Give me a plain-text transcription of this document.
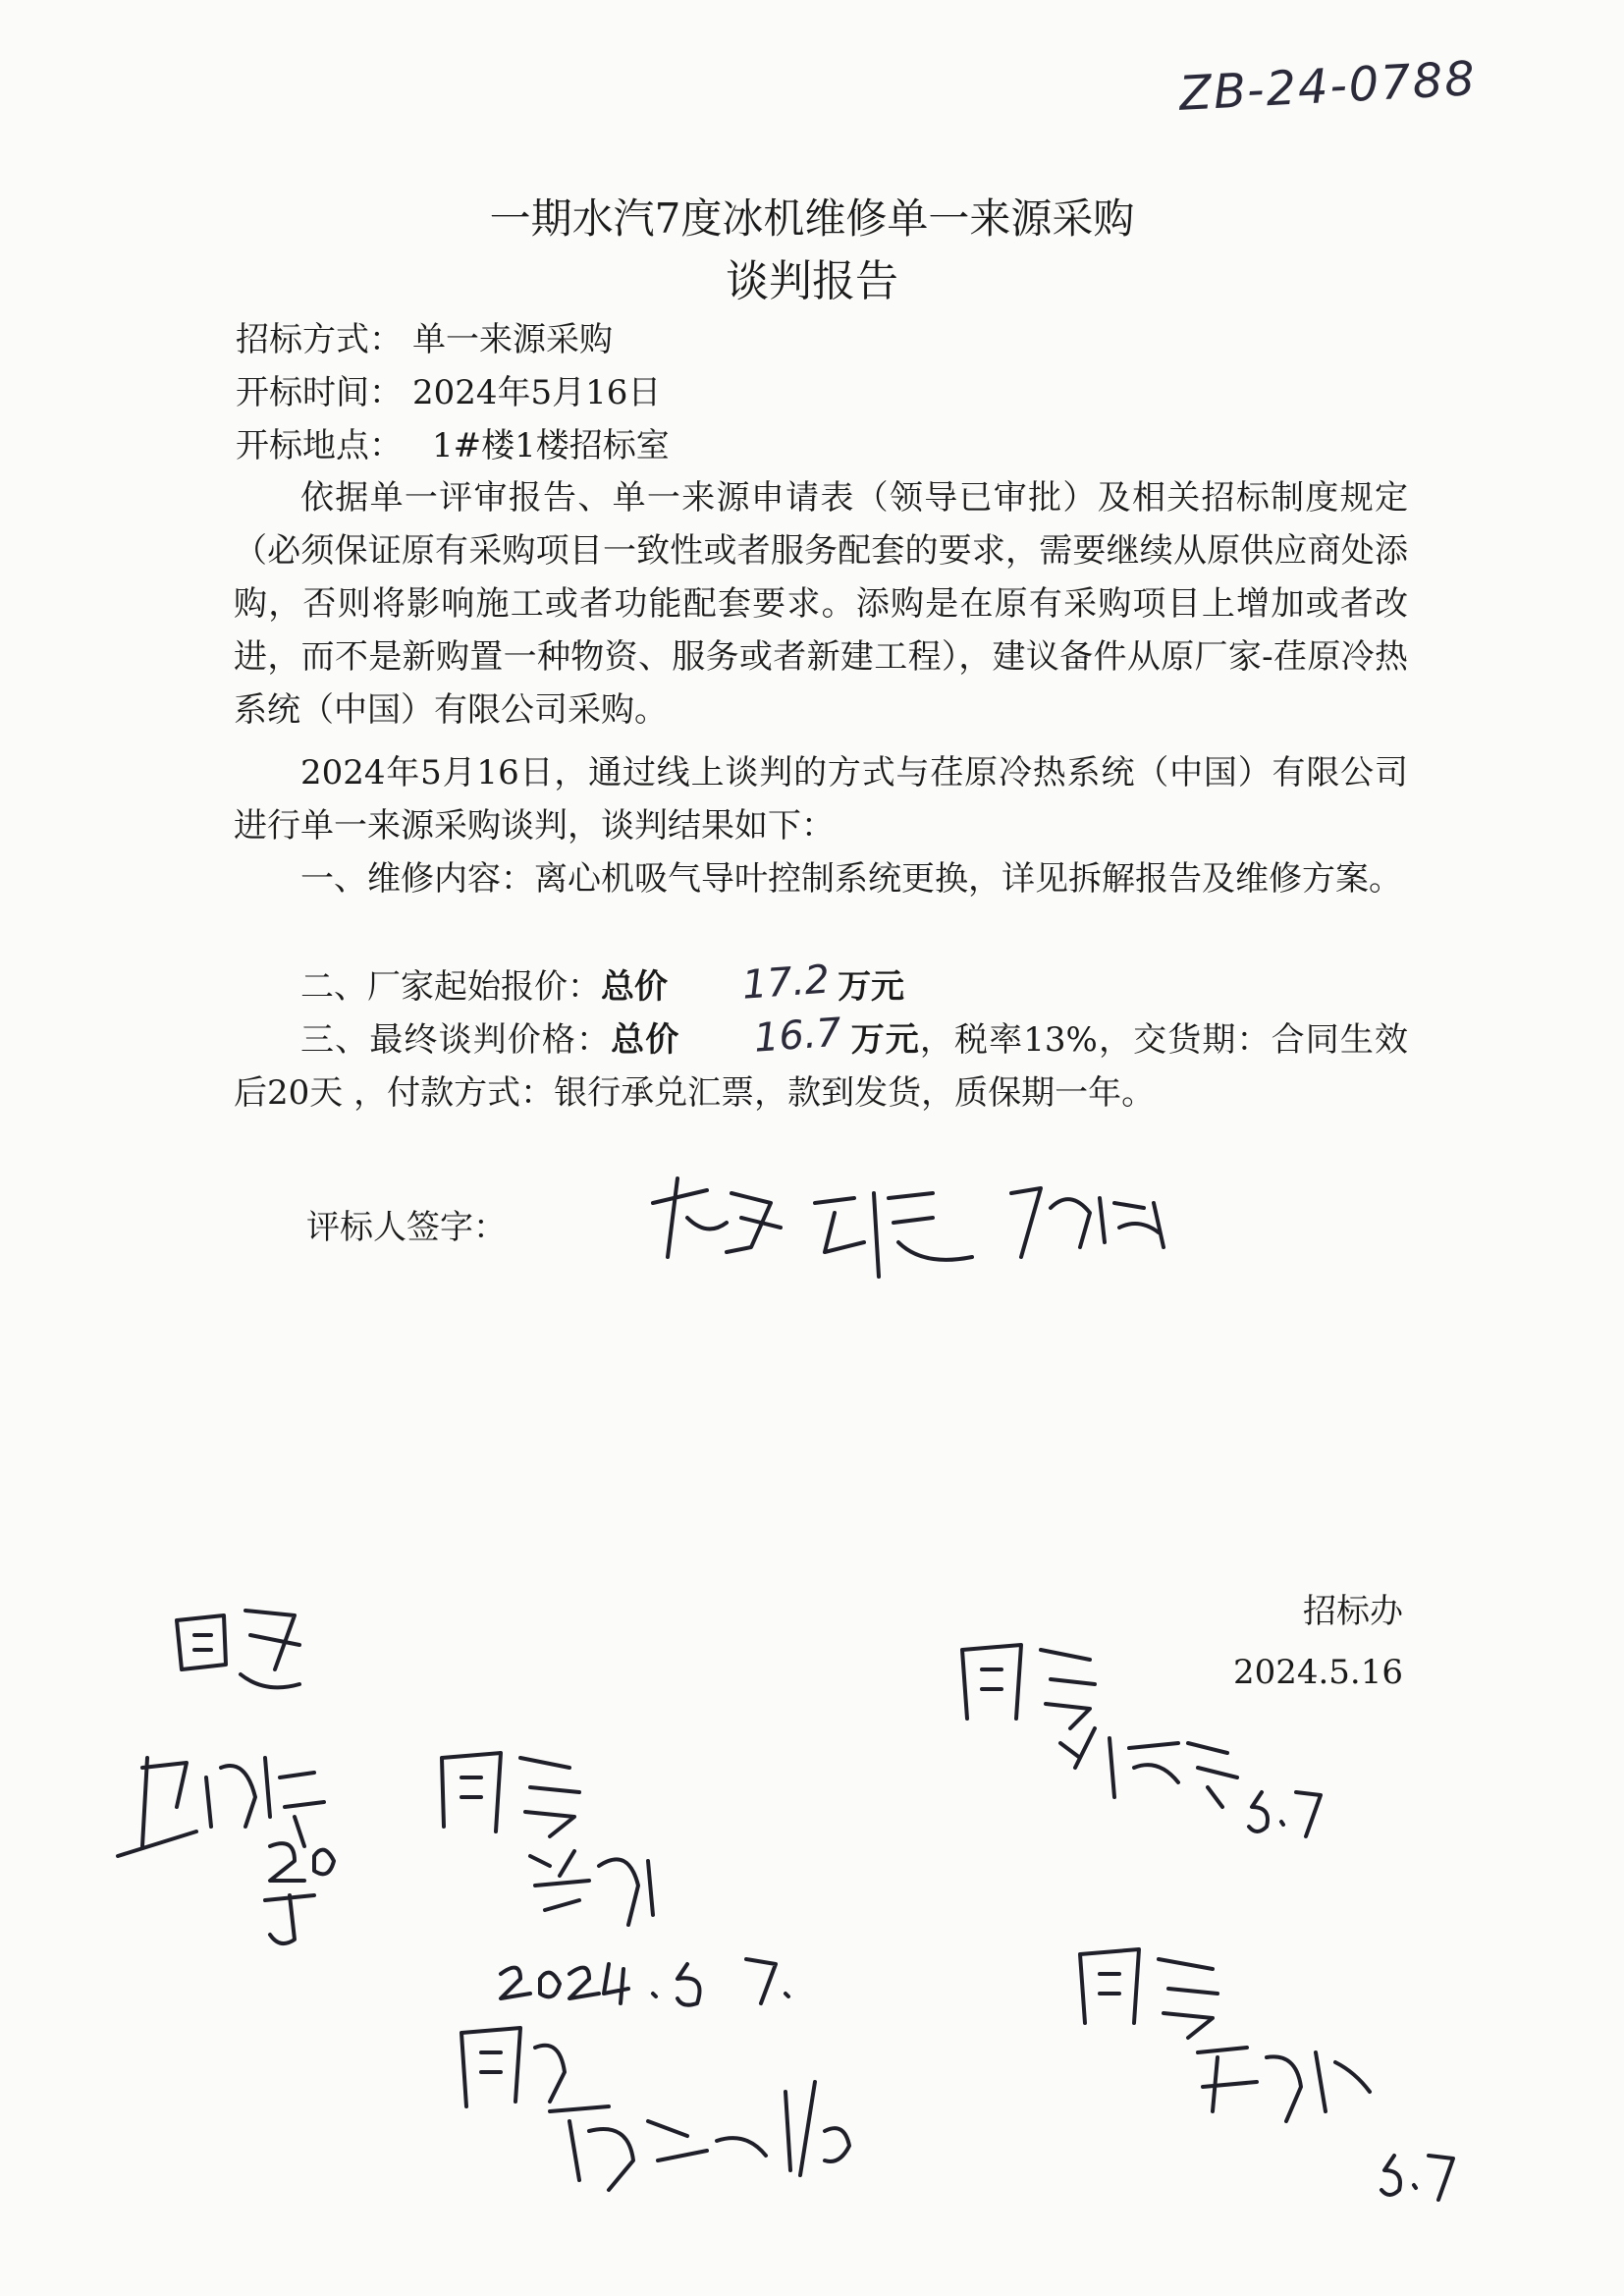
ZB-24-0788
一期水汽7度冰机维修单一来源采购
谈判报告
招标方式： 单一来源采购
开标时间： 2024年5月16日
开标地点： 1#楼1楼招标室
依据单一评审报告、单一来源申请表（领导已审批）及相关招标制度规定（必须保证原有采购项目一致性或者服务配套的要求，需要继续从原供应商处添购，否则将影响施工或者功能配套要求。添购是在原有采购项目上增加或者改进，而不是新购置一种物资、服务或者新建工程），建议备件从原厂家-荏原冷热系统（中国）有限公司采购。
2024年5月16日，通过线上谈判的方式与荏原冷热系统（中国）有限公司进行单一来源采购谈判，谈判结果如下：
一、维修内容：离心机吸气导叶控制系统更换，详见拆解报告及维修方案。
二、厂家起始报价：总价 17.2 万元
三、最终谈判价格：总价 16.7 万元，税率13%，交货期：合同生效后20天 ，付款方式：银行承兑汇票，款到发货，质保期一年。
评标人签字：
招标办
2024.5.16
